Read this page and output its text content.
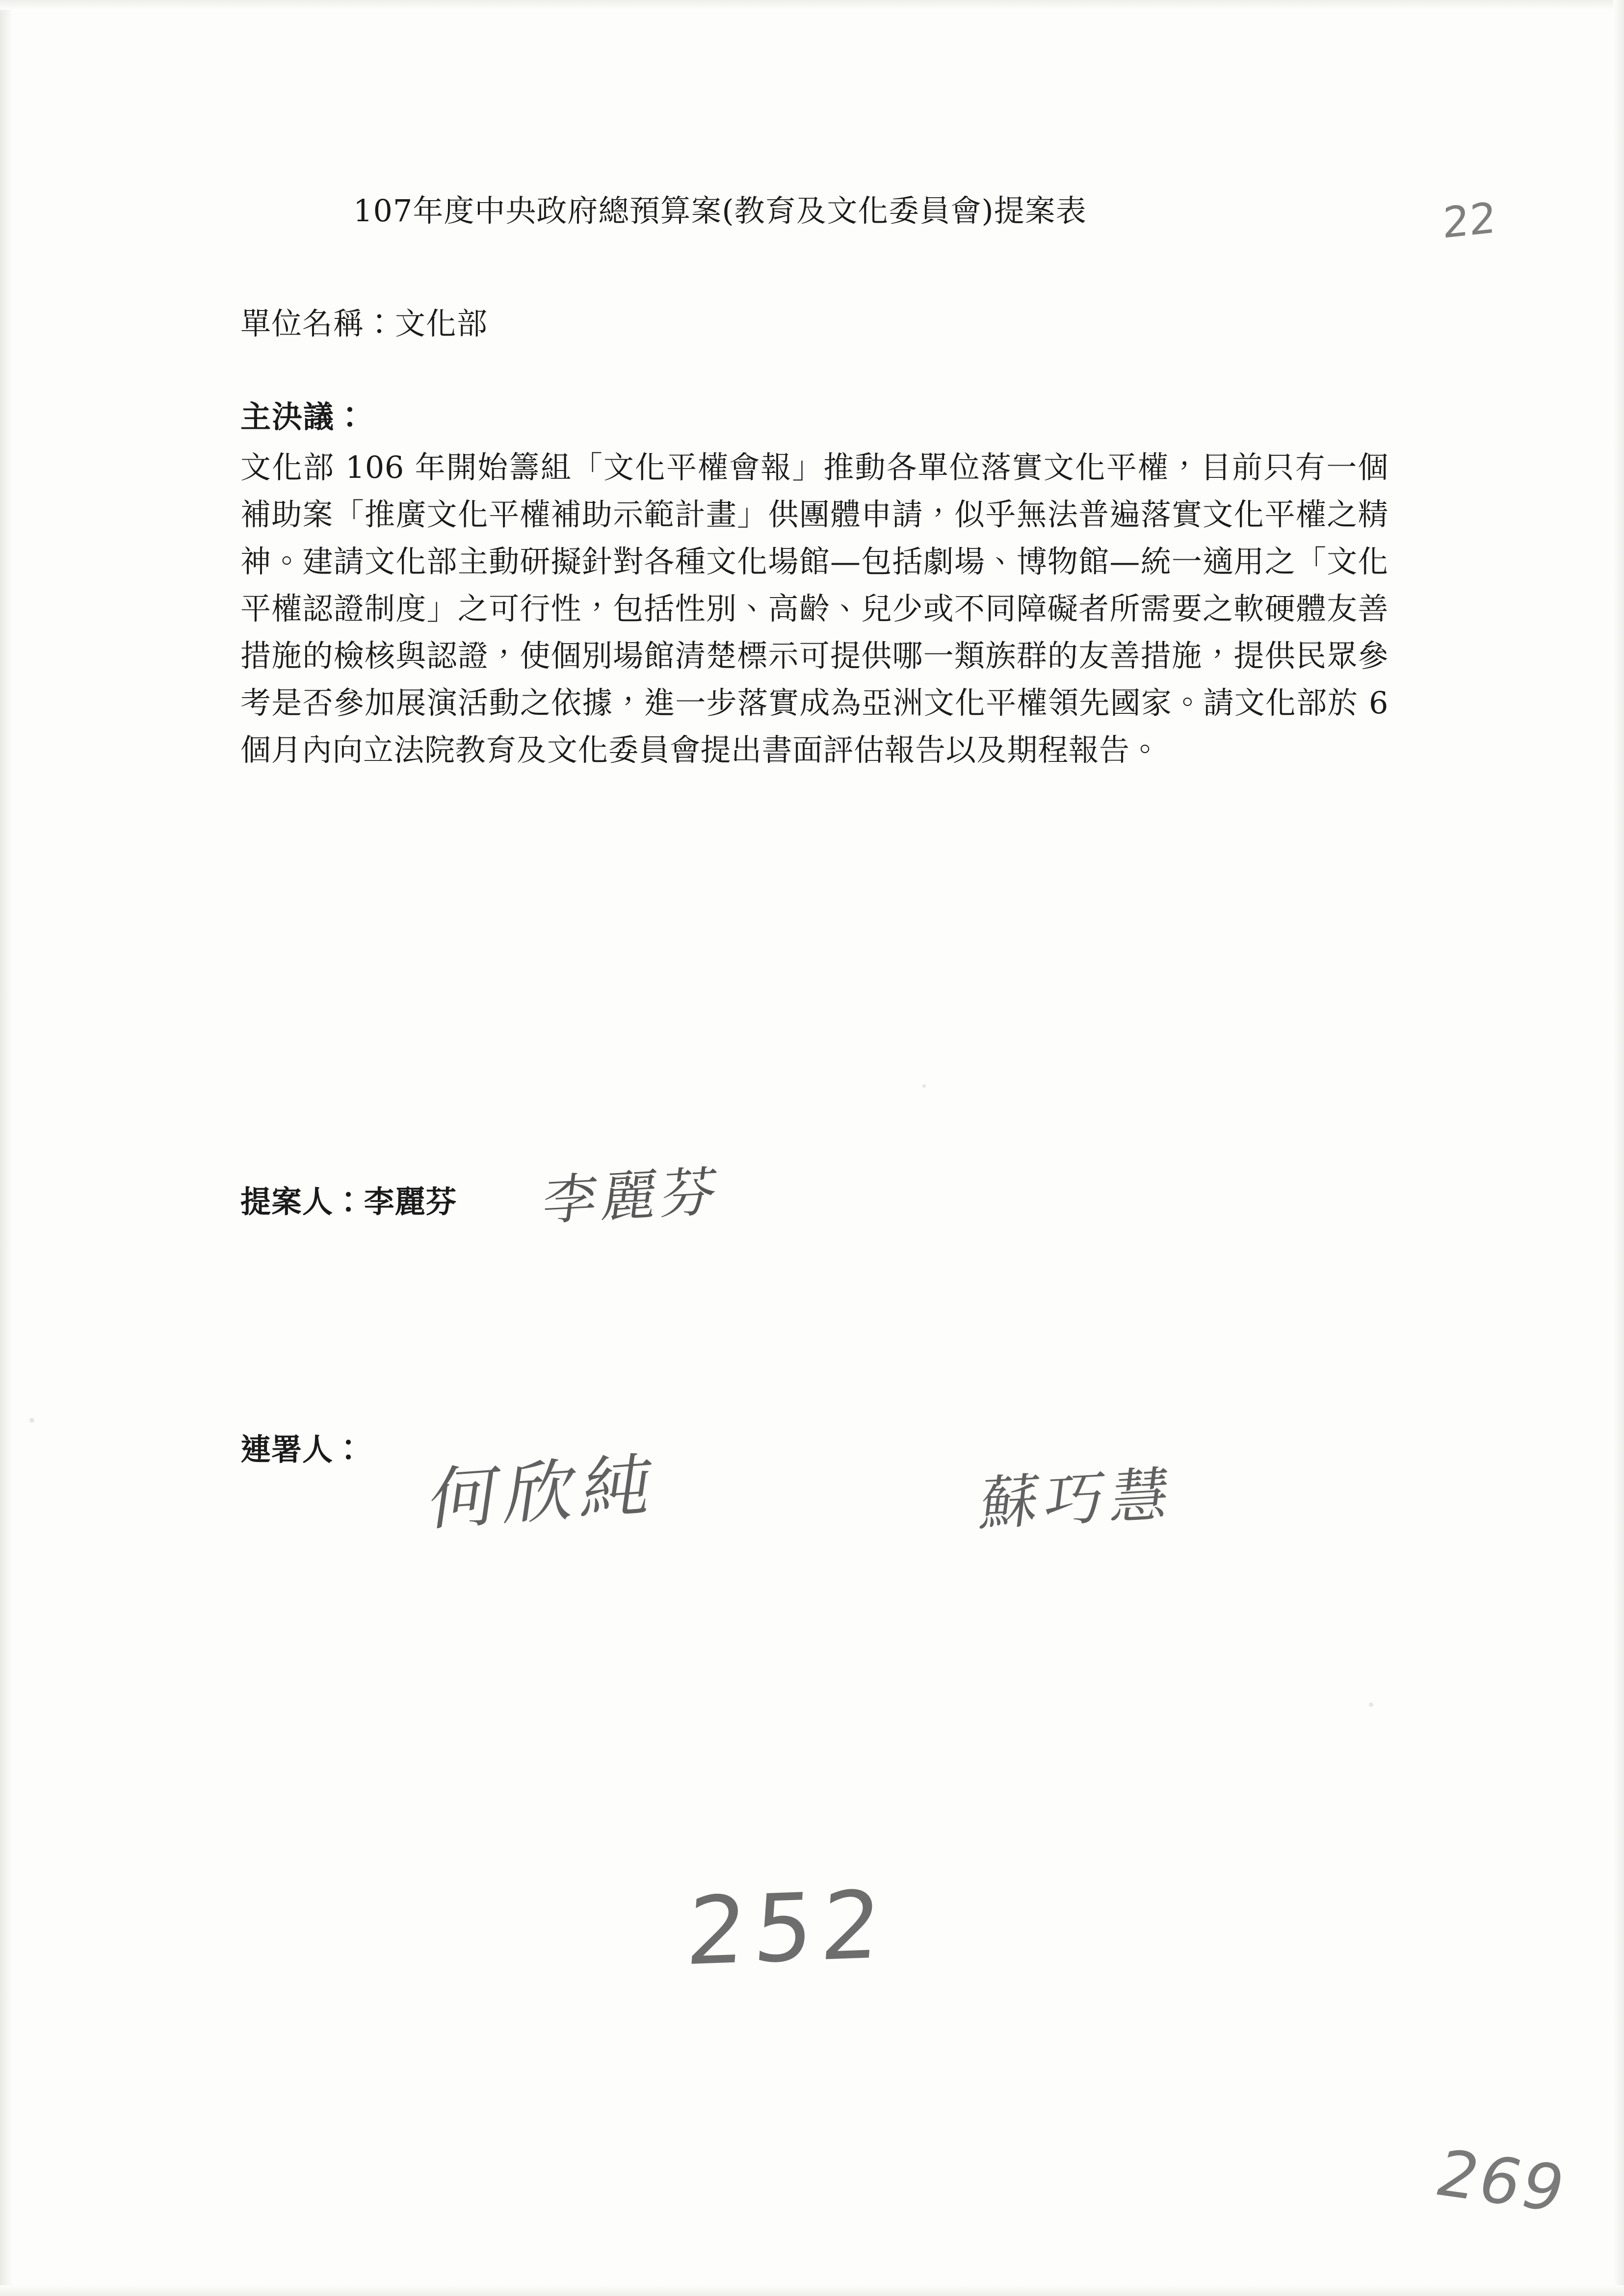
107年度中央政府總預算案(教育及文化委員會)提案表
單位名稱：文化部
主決議：
文化部 106 年開始籌組「文化平權會報」推動各單位落實文化平權，目前只有一個補助案「推廣文化平權補助示範計畫」供團體申請，似乎無法普遍落實文化平權之精神。建請文化部主動研擬針對各種文化場館—包括劇場、博物館—統一適用之「文化平權認證制度」之可行性，包括性別、高齡、兒少或不同障礙者所需要之軟硬體友善措施的檢核與認證，使個別場館清楚標示可提供哪一類族群的友善措施，提供民眾參考是否參加展演活動之依據，進一步落實成為亞洲文化平權領先國家。請文化部於 6 個月內向立法院教育及文化委員會提出書面評估報告以及期程報告。
提案人：李麗芬 李麗芬
連署人： 何欣純	蘇巧慧
22
252
269
